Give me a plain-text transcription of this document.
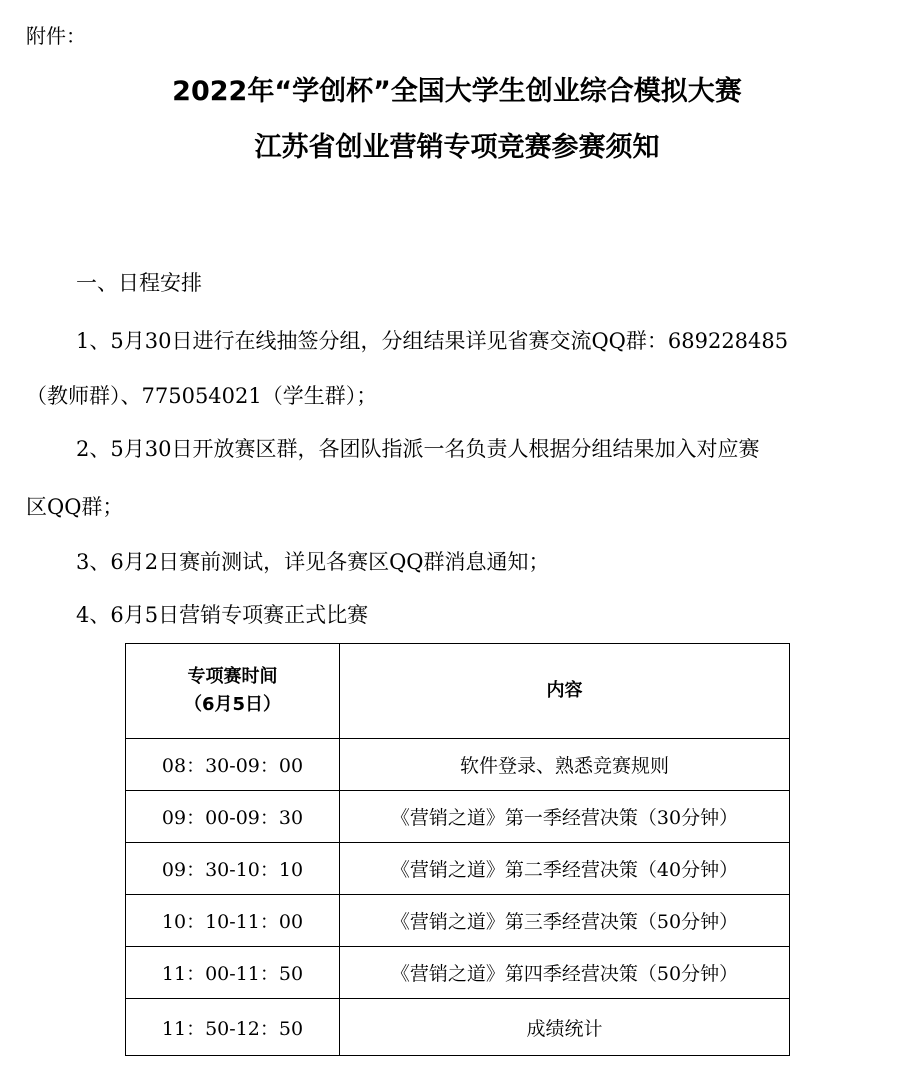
附件：
2022年“学创杯”全国大学生创业综合模拟大赛
江苏省创业营销专项竞赛参赛须知
一、日程安排
1、5月30日进行在线抽签分组，分组结果详见省赛交流QQ群：689228485
（教师群）、775054021（学生群）；
2、5月30日开放赛区群，各团队指派一名负责人根据分组结果加入对应赛
区QQ群；
3、6月2日赛前测试，详见各赛区QQ群消息通知；
4、6月5日营销专项赛正式比赛
专项赛时间
（6月5日）	内容
08：30-09：00	软件登录、熟悉竞赛规则
09：00-09：30	《营销之道》第一季经营决策（30分钟）
09：30-10：10	《营销之道》第二季经营决策（40分钟）
10：10-11：00	《营销之道》第三季经营决策（50分钟）
11：00-11：50	《营销之道》第四季经营决策（50分钟）
11：50-12：50	成绩统计
